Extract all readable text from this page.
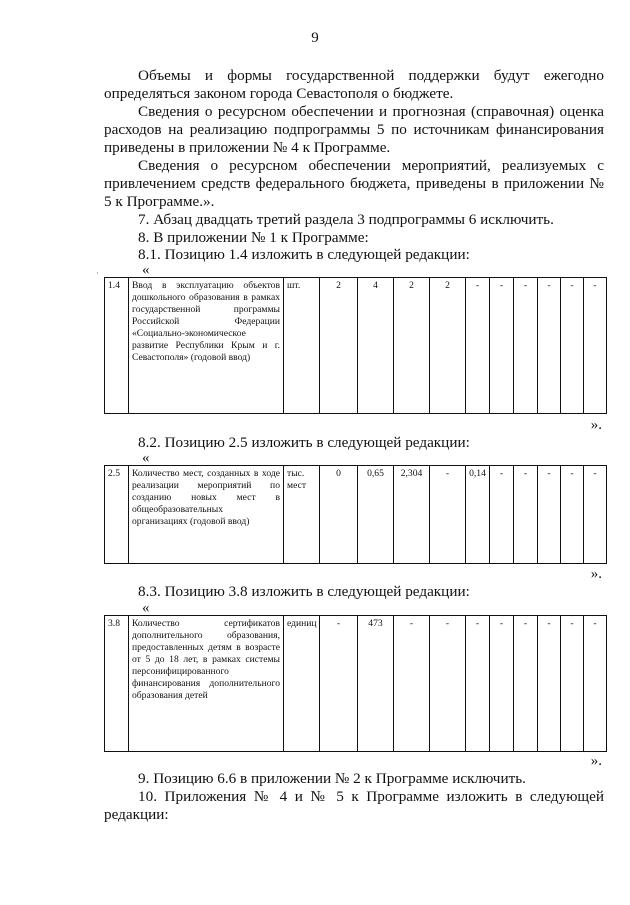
9

Объемы и формы государственной поддержки будут ежегодно определяться законом города Севастополя о бюджете.

Сведения о ресурсном обеспечении и прогнозная (справочная) оценка расходов на реализацию подпрограммы 5 по источникам финансирования приведены в приложении № 4 к Программе.

Сведения о ресурсном обеспечении мероприятий, реализуемых с привлечением средств федерального бюджета, приведены в приложении № 5 к Программе.».

7. Абзац двадцать третий раздела 3 подпрограммы 6 исключить.
8. В приложении № 1 к Программе:
8.1. Позицию 1.4 изложить в следующей редакции:
·	«
1.4	Ввод в эксплуатацию объектов дошкольного образования в рамках государственной программы Российской Федерации «Социально-экономическое развитие Республики Крым и г. Севастополя» (годовой ввод)	шт.	2	4	2	2	-	-	-	-	-	-
».
8.2. Позицию 2.5 изложить в следующей редакции:
«
2.5	Количество мест, созданных в ходе реализации мероприятий по созданию новых мест в общеобразовательных организациях (годовой ввод)	тыс. мест	0	0,65	2,304	-	0,14	-	-	-	-	-
».
8.3. Позицию 3.8 изложить в следующей редакции:
«
3.8	Количество сертификатов дополнительного образования, предоставленных детям в возрасте от 5 до 18 лет, в рамках системы персонифицированного финансирования дополнительного образования детей	единиц	-	473	-	-	-	-	-	-	-	-
».
9. Позицию 6.6 в приложении № 2 к Программе исключить.

10. Приложения № 4 и № 5 к Программе изложить в следующей редакции:
